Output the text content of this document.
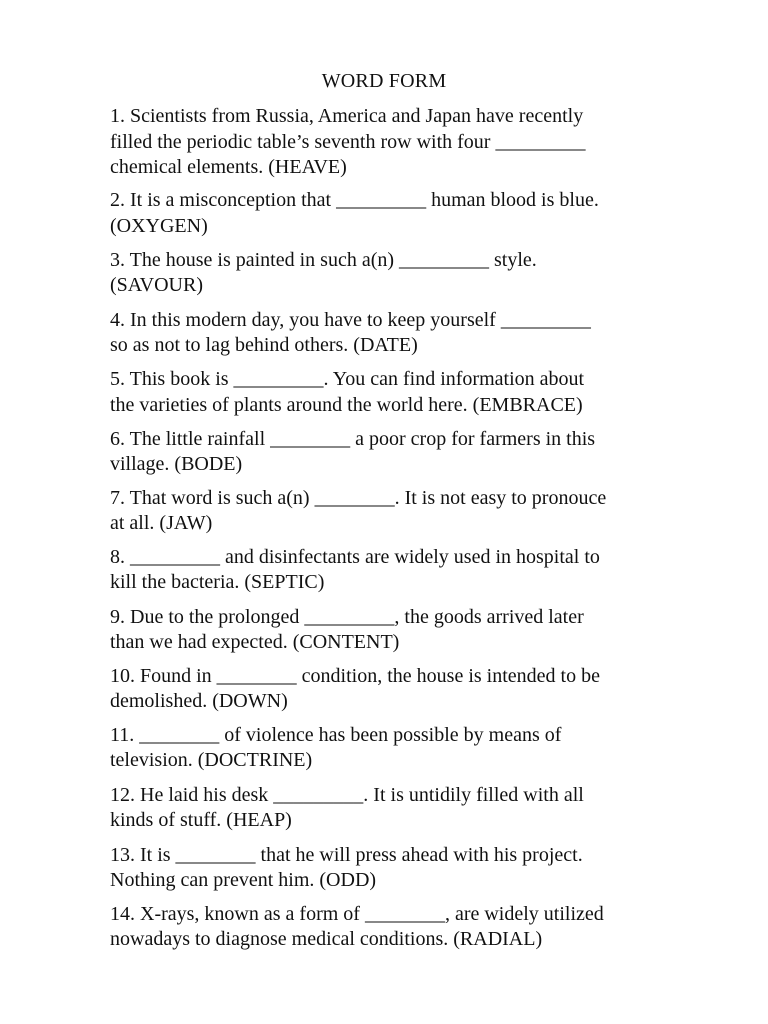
WORD FORM
1. Scientists from Russia, America and Japan have recently
filled the periodic table’s seventh row with four _________
chemical elements. (HEAVE)
2. It is a misconception that _________ human blood is blue.
(OXYGEN)
3. The house is painted in such a(n) _________ style.
(SAVOUR)
4. In this modern day, you have to keep yourself _________
so as not to lag behind others. (DATE)
5. This book is _________. You can find information about
the varieties of plants around the world here. (EMBRACE)
6. The little rainfall ________ a poor crop for farmers in this
village. (BODE)
7. That word is such a(n) ________. It is not easy to pronouce
at all. (JAW)
8. _________ and disinfectants are widely used in hospital to
kill the bacteria. (SEPTIC)
9. Due to the prolonged _________, the goods arrived later
than we had expected. (CONTENT)
10. Found in ________ condition, the house is intended to be
demolished. (DOWN)
11. ________ of violence has been possible by means of
television. (DOCTRINE)
12. He laid his desk _________. It is untidily filled with all
kinds of stuff. (HEAP)
13. It is ________ that he will press ahead with his project.
Nothing can prevent him. (ODD)
14. X-rays, known as a form of ________, are widely utilized
nowadays to diagnose medical conditions. (RADIAL)
